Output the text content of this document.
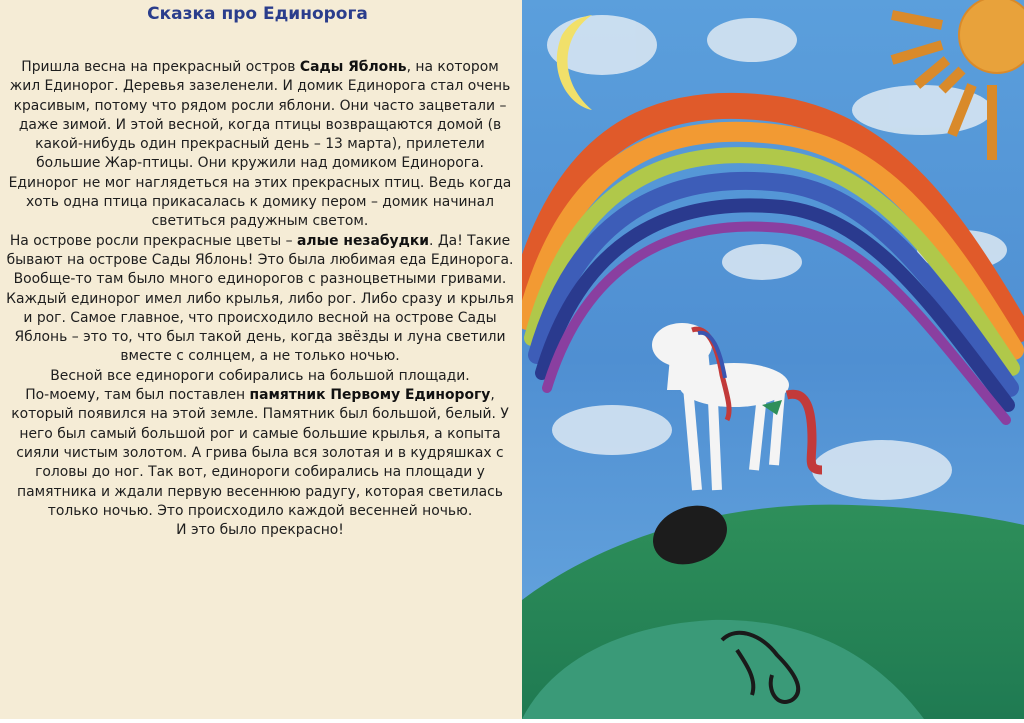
Сказка про Единорога

Пришла весна на прекрасный остров Сады Яблонь, на котором жил Единорог. Деревья зазеленели. И домик Единорога стал очень красивым, потому что рядом росли яблони. Они часто зацветали – даже зимой. И этой весной, когда птицы возвращаются домой (в какой-нибудь один прекрасный день – 13 марта), прилетели большие Жар-птицы. Они кружили над домиком Единорога. Единорог не мог наглядеться на этих прекрасных птиц. Ведь когда хоть одна птица прикасалась к домику пером – домик начинал светиться радужным светом.

На острове росли прекрасные цветы – алые незабудки. Да! Такие бывают на острове Сады Яблонь! Это была любимая еда Единорога. Вообще-то там было много единорогов с разноцветными гривами. Каждый единорог имел либо крылья, либо рог. Либо сразу и крылья и рог. Самое главное, что происходило весной на острове Сады Яблонь – это то, что был такой день, когда звёзды и луна светили вместе с солнцем, а не только ночью.

Весной все единороги собирались на большой площади.

По-моему, там был поставлен памятник Первому Единорогу, который появился на этой земле. Памятник был большой, белый. У него был самый большой рог и самые большие крылья, а копыта сияли чистым золотом. А грива была вся золотая и в кудряшках с головы до ног. Так вот, единороги собирались на площади у памятника и ждали первую весеннюю радугу, которая светилась только ночью. Это происходило каждой весенней ночью.

И это было прекрасно!
